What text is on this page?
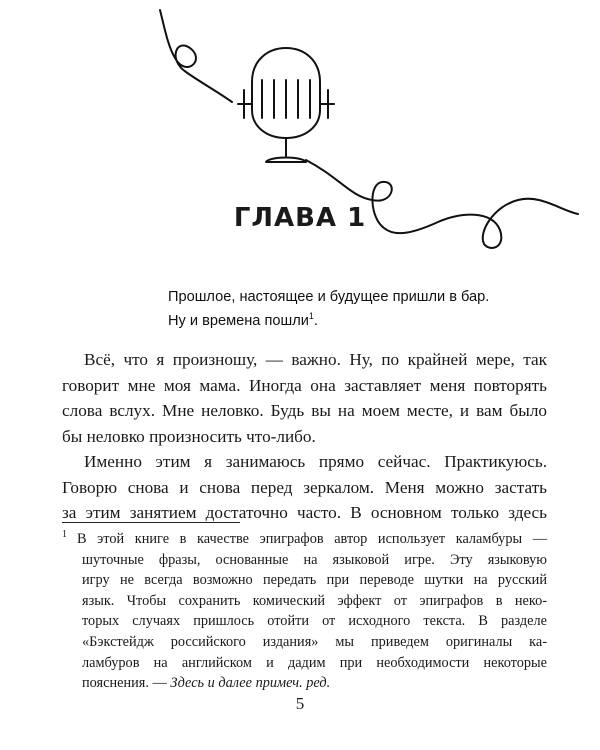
ГЛАВА 1
Прошлое, настоящее и будущее пришли в бар.
Ну и времена пошли$^1$.
Всё, что я произношу, — важно. Ну, по крайней мере, так
говорит мне моя мама. Иногда она заставляет меня повторять
слова вслух. Мне неловко. Будь вы на моем месте, и вам было
бы неловко произносить что-либо.
Именно этим я занимаюсь прямо сейчас. Практикуюсь.
Говорю снова и снова перед зеркалом. Меня можно застать
за этим занятием достаточно часто. В основном только здесь
$^1$ В этой книге в качестве эпиграфов автор использует каламбуры —
шуточные фразы, основанные на языковой игре. Эту языковую
игру не всегда возможно передать при переводе шутки на русский
язык. Чтобы сохранить комический эффект от эпиграфов в неко-
торых случаях пришлось отойти от исходного текста. В разделе
«Бэкстейдж российского издания» мы приведем оригиналы ка-
ламбуров на английском и дадим при необходимости некоторые
пояснения. — Здесь и далее примеч. ред.
5
